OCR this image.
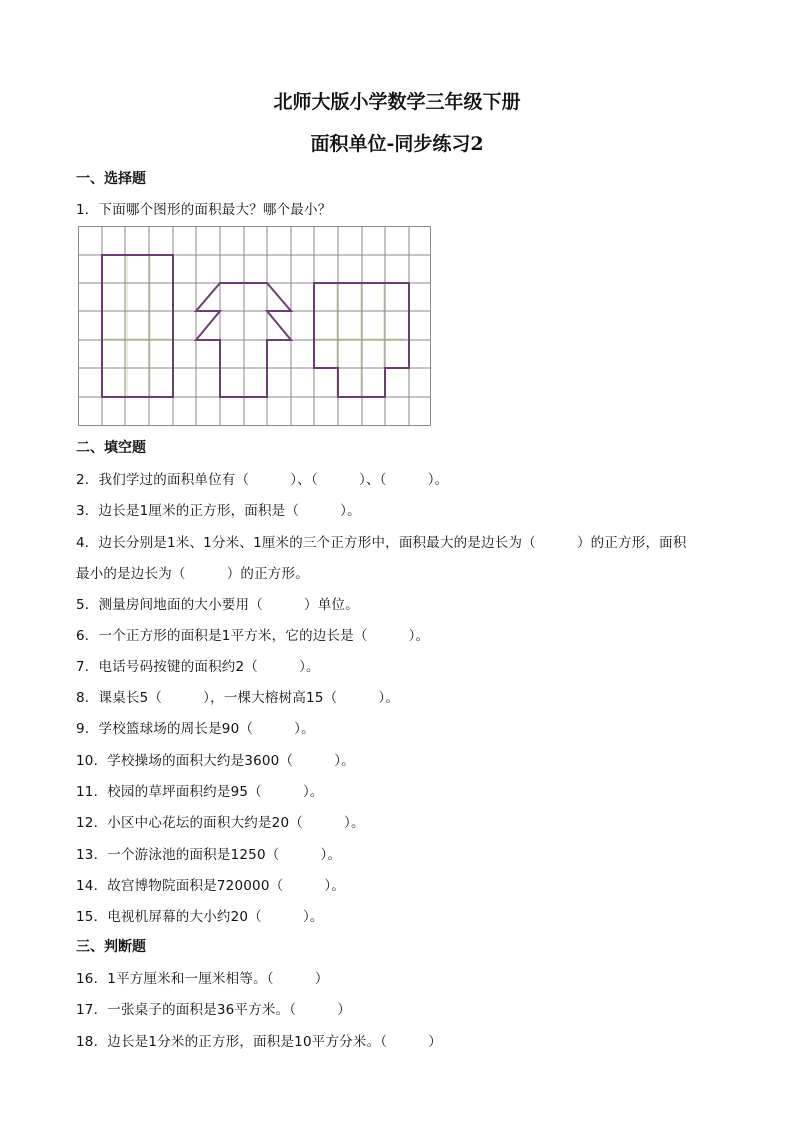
北师大版小学数学三年级下册
面积单位-同步练习2
一、选择题
1．下面哪个图形的面积最大？哪个最小？
二、填空题
2．我们学过的面积单位有（　　　）、（　　　）、（　　　）。
3．边长是1厘米的正方形，面积是（　　　）。
4．边长分别是1米、1分米、1厘米的三个正方形中，面积最大的是边长为（　　　）的正方形，面积
最小的是边长为（　　　）的正方形。
5．测量房间地面的大小要用（　　　）单位。
6．一个正方形的面积是1平方米，它的边长是（　　　）。
7．电话号码按键的面积约2（　　　）。
8．课桌长5（　　　），一棵大榕树高15（　　　）。
9．学校篮球场的周长是90（　　　）。
10．学校操场的面积大约是3600（　　　）。
11．校园的草坪面积约是95（　　　）。
12．小区中心花坛的面积大约是20（　　　）。
13．一个游泳池的面积是1250（　　　）。
14．故宫博物院面积是720000（　　　）。
15．电视机屏幕的大小约20（　　　）。
三、判断题
16．1平方厘米和一厘米相等。（　　　）
17．一张桌子的面积是36平方米。（　　　）
18．边长是1分米的正方形，面积是10平方分米。（　　　）
